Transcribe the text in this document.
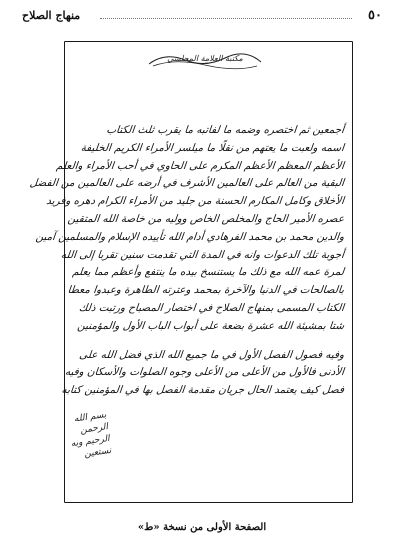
منهاج الصلاح	٥٠
مكتبة العلامة المجلسي
أجمعين ثم اختصره وضمه ما لفاتبه ما يقرب ثلث الكتاب
اسمه ولعبت ما يعتهم من نقلًا ما ميلسر الأمراء الكريم الخليفة
الأعظم المعظم الأعظم المكرم على الحاوي في أحب الأمراء والعلم
البقية من العالم على العالمين الأشرف في أرضه على العالمين من الفضل
الأخلاق وكامل المكارم الحسنة من جليد من الأمراء الكرام دهره وفريد
عصره الأمير الحاج والمخلص الخاص ووليه من خاصة الله المتقين
والدين محمد بن محمد الفرهادي أدام الله تأييده الإسلام والمسلمين آمين
أجوبة تلك الدعوات وانه في المدة التي تقدمت سنين تقربا إلى الله
لمرة عمه الله مع ذلك ما يستنسخ بيده ما ينتفع وأعظم مما يعلم
بالصالحات في الدنيا والآخرة بمحمد وعترته الطاهرة وعبدوا معطا
الكتاب المسمى بمنهاج الصلاح في اختصار المصباح ورتبت ذلك
شتا بمشيئة الله عشرة بضعة على أبواب الباب الأول والمؤمنين
وفيه فصول الفصل الأول في ما جميع الله الذي فضل الله على
الأدنى فالأول من الأعلى من الأعلى وجوه الصلوات والأسكان وفيه
فصل كيف يعتمد الحال جريان مقدمة الفصل بها في المؤمنين كتابه
بسم الله الرحمن الرحيم وبه نستعين
الصفحة الأولى من نسخة «ط»
